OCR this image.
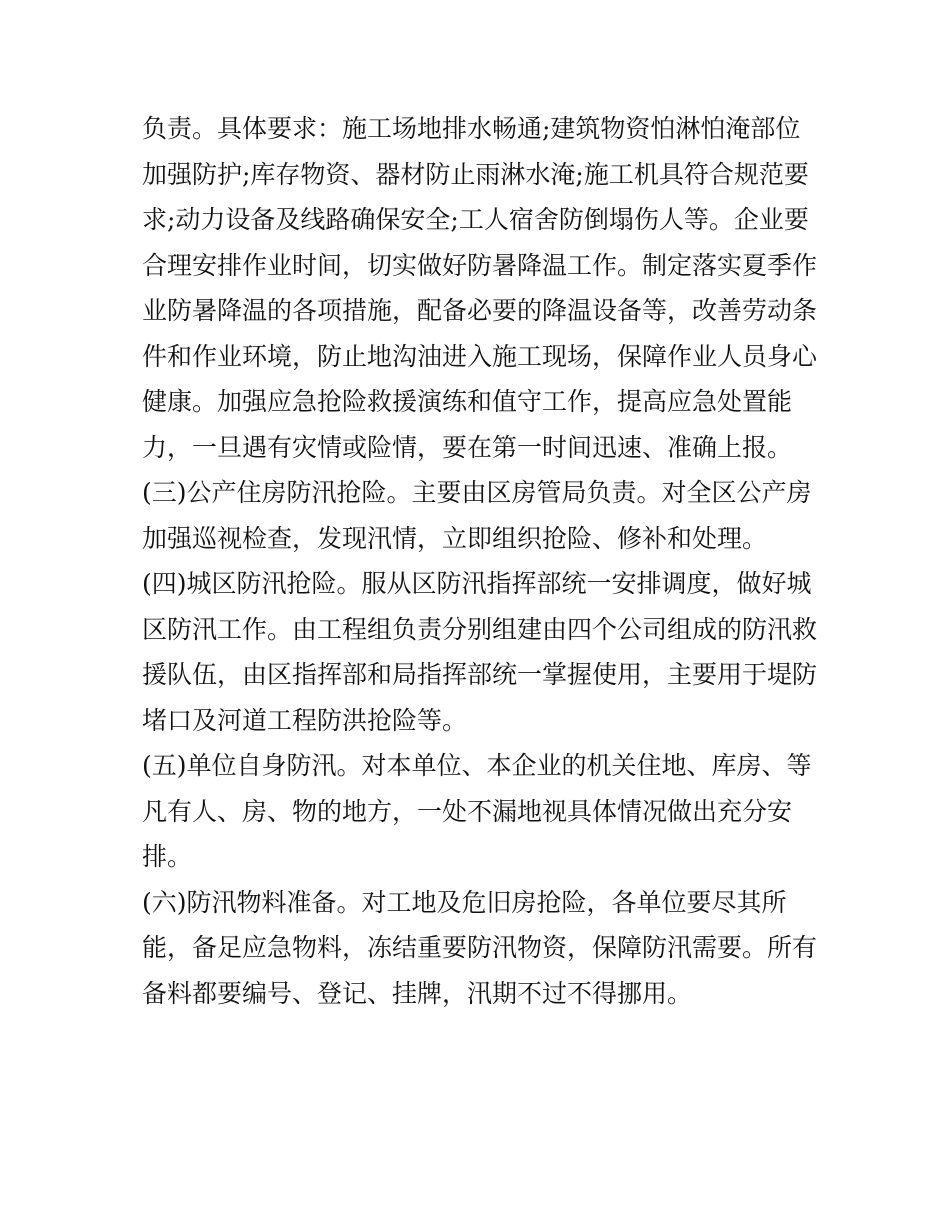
负责。具体要求：施工场地排水畅通;建筑物资怕淋怕淹部位
加强防护;库存物资、器材防止雨淋水淹;施工机具符合规范要
求;动力设备及线路确保安全;工人宿舍防倒塌伤人等。企业要
合理安排作业时间，切实做好防暑降温工作。制定落实夏季作
业防暑降温的各项措施，配备必要的降温设备等，改善劳动条
件和作业环境，防止地沟油进入施工现场，保障作业人员身心
健康。加强应急抢险救援演练和值守工作，提高应急处置能
力，一旦遇有灾情或险情，要在第一时间迅速、准确上报。
(三)公产住房防汛抢险。主要由区房管局负责。对全区公产房
加强巡视检查，发现汛情，立即组织抢险、修补和处理。
(四)城区防汛抢险。服从区防汛指挥部统一安排调度，做好城
区防汛工作。由工程组负责分别组建由四个公司组成的防汛救
援队伍，由区指挥部和局指挥部统一掌握使用，主要用于堤防
堵口及河道工程防洪抢险等。
(五)单位自身防汛。对本单位、本企业的机关住地、库房、等
凡有人、房、物的地方，一处不漏地视具体情况做出充分安
排。
(六)防汛物料准备。对工地及危旧房抢险，各单位要尽其所
能，备足应急物料，冻结重要防汛物资，保障防汛需要。所有
备料都要编号、登记、挂牌，汛期不过不得挪用。
